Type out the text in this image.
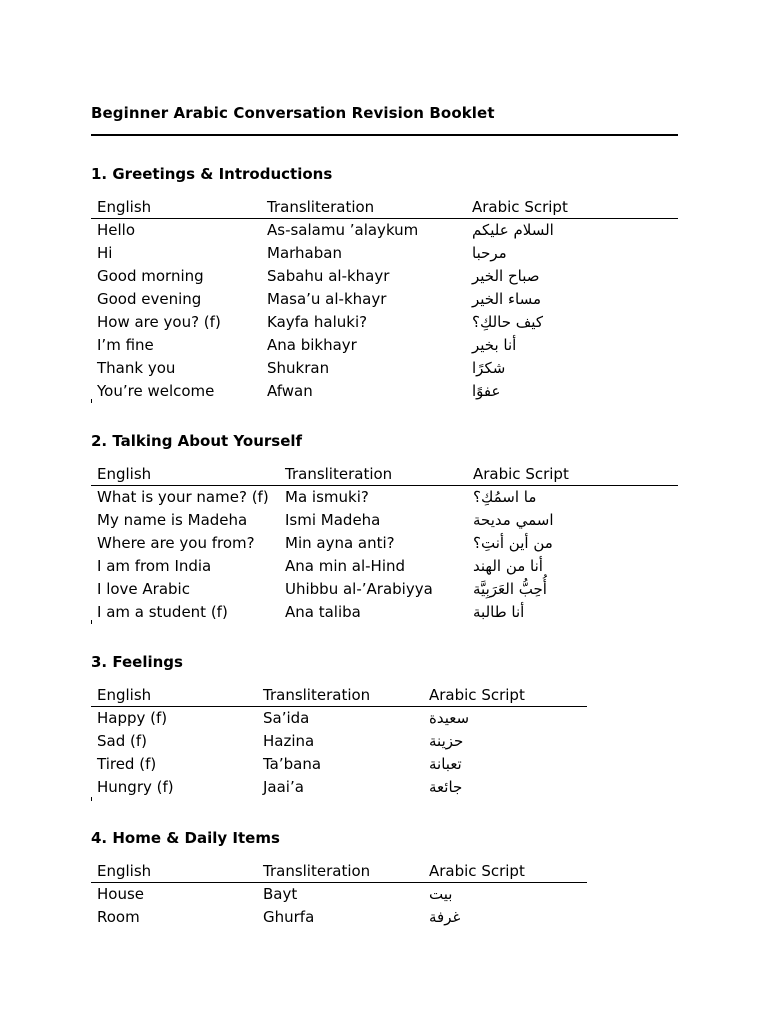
Beginner Arabic Conversation Revision Booklet
1. Greetings & Introductions
English	Transliteration	Arabic Script
Hello	As-salamu ’alaykum	السلام عليكم
Hi	Marhaban	مرحبا
Good morning	Sabahu al-khayr	صباح الخير
Good evening	Masa’u al-khayr	مساء الخير
How are you? (f)	Kayfa haluki?	كيف حالكِ؟
I’m fine	Ana bikhayr	أنا بخير
Thank you	Shukran	شكرًا
You’re welcome	Afwan	عفوًا
2. Talking About Yourself
English	Transliteration	Arabic Script
What is your name? (f)	Ma ismuki?	ما اسمُكِ؟
My name is Madeha	Ismi Madeha	اسمي مديحة
Where are you from?	Min ayna anti?	من أين أنتِ؟
I am from India	Ana min al-Hind	أنا من الهند
I love Arabic	Uhibbu al-’Arabiyya	أُحِبُّ العَرَبِيَّة
I am a student (f)	Ana taliba	أنا طالبة
3. Feelings
English	Transliteration	Arabic Script
Happy (f)	Sa’ida	سعيدة
Sad (f)	Hazina	حزينة
Tired (f)	Ta’bana	تعبانة
Hungry (f)	Jaai’a	جائعة
4. Home & Daily Items
English	Transliteration	Arabic Script
House	Bayt	بيت
Room	Ghurfa	غرفة
